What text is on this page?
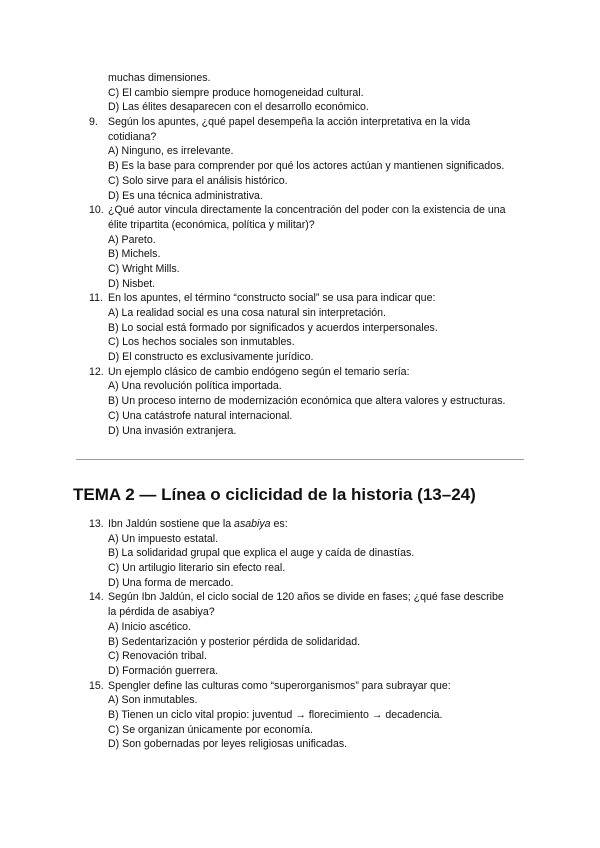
muchas dimensiones.
C) El cambio siempre produce homogeneidad cultural.
D) Las élites desaparecen con el desarrollo económico.
9. Según los apuntes, ¿qué papel desempeña la acción interpretativa en la vida
cotidiana?
A) Ninguno, es irrelevante.
B) Es la base para comprender por qué los actores actúan y mantienen significados.
C) Solo sirve para el análisis histórico.
D) Es una técnica administrativa.
10. ¿Qué autor vincula directamente la concentración del poder con la existencia de una
élite tripartita (económica, política y militar)?
A) Pareto.
B) Michels.
C) Wright Mills.
D) Nisbet.
11. En los apuntes, el término “constructo social” se usa para indicar que:
A) La realidad social es una cosa natural sin interpretación.
B) Lo social está formado por significados y acuerdos interpersonales.
C) Los hechos sociales son inmutables.
D) El constructo es exclusivamente jurídico.
12. Un ejemplo clásico de cambio endógeno según el temario sería:
A) Una revolución política importada.
B) Un proceso interno de modernización económica que altera valores y estructuras.
C) Una catástrofe natural internacional.
D) Una invasión extranjera.
TEMA 2 — Línea o ciclicidad de la historia (13–24)
13. Ibn Jaldún sostiene que la asabiya es:
A) Un impuesto estatal.
B) La solidaridad grupal que explica el auge y caída de dinastías.
C) Un artilugio literario sin efecto real.
D) Una forma de mercado.
14. Según Ibn Jaldún, el ciclo social de 120 años se divide en fases; ¿qué fase describe
la pérdida de asabiya?
A) Inicio ascético.
B) Sedentarización y posterior pérdida de solidaridad.
C) Renovación tribal.
D) Formación guerrera.
15. Spengler define las culturas como “superorganismos” para subrayar que:
A) Son inmutables.
B) Tienen un ciclo vital propio: juventud → florecimiento → decadencia.
C) Se organizan únicamente por economía.
D) Son gobernadas por leyes religiosas unificadas.
